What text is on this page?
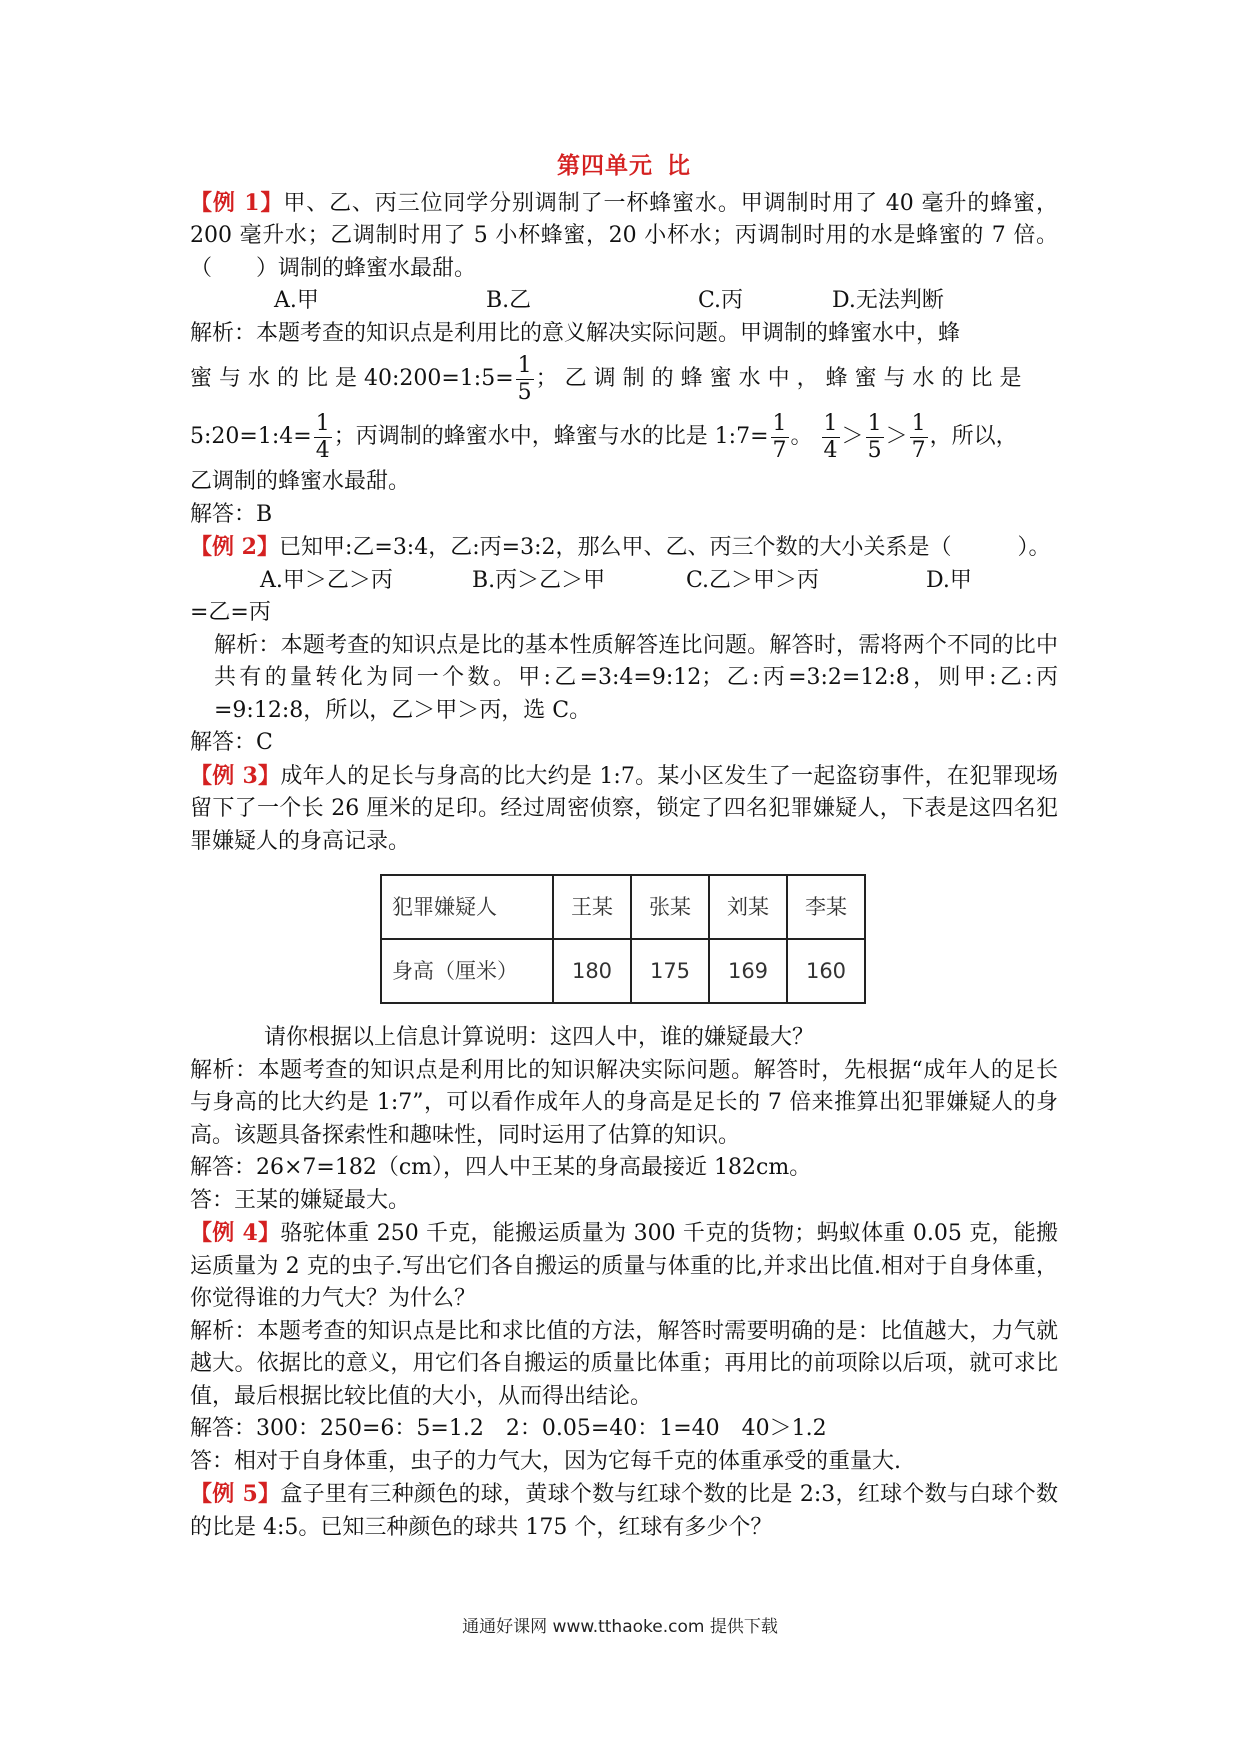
第四单元 比

【例 1】甲、乙、丙三位同学分别调制了一杯蜂蜜水。甲调制时用了 40 毫升的蜂蜜，200 毫升水；乙调制时用了 5 小杯蜂蜜，20 小杯水；丙调制时用的水是蜂蜜的 7 倍。（　　）调制的蜂蜜水最甜。

A.甲	B.乙	C.丙	D.无法判断

解析：本题考查的知识点是利用比的意义解决实际问题。甲调制的蜂蜜水中，蜂

蜜 与 水 的 比 是 40:200=1:5= $\frac{1}{5}$ ； 乙 调 制 的 蜂 蜜 水 中 ， 蜂 蜜 与 水 的 比 是

5:20=1:4= $\frac{1}{4}$ ；丙调制的蜂蜜水中，蜂蜜与水的比是 1:7= $\frac{1}{7}$ 。 $\frac{1}{4} > \frac{1}{5} > \frac{1}{7}$ ，所以，

乙调制的蜂蜜水最甜。

解答：B

【例 2】已知甲:乙=3:4，乙:丙=3:2，那么甲、乙、丙三个数的大小关系是（　　　）。

A.甲＞乙＞丙	B.丙＞乙＞甲	C.乙＞甲＞丙	D.甲

=乙=丙

解析：本题考查的知识点是比的基本性质解答连比问题。解答时，需将两个不同的比中共有的量转化为同一个数。甲:乙=3:4=9:12；乙:丙=3:2=12:8，则甲:乙:丙=9:12:8，所以，乙＞甲＞丙，选 C。

解答：C

【例 3】成年人的足长与身高的比大约是 1:7。某小区发生了一起盗窃事件，在犯罪现场留下了一个长 26 厘米的足印。经过周密侦察，锁定了四名犯罪嫌疑人，下表是这四名犯罪嫌疑人的身高记录。

犯罪嫌疑人	王某	张某	刘某	李某
身高（厘米）	180	175	169	160

请你根据以上信息计算说明：这四人中，谁的嫌疑最大？

解析：本题考查的知识点是利用比的知识解决实际问题。解答时，先根据“成年人的足长与身高的比大约是 1:7”，可以看作成年人的身高是足长的 7 倍来推算出犯罪嫌疑人的身高。该题具备探索性和趣味性，同时运用了估算的知识。

解答：26×7=182（cm），四人中王某的身高最接近 182cm。

答：王某的嫌疑最大。

【例 4】骆驼体重 250 千克，能搬运质量为 300 千克的货物；蚂蚁体重 0.05 克，能搬运质量为 2 克的虫子.写出它们各自搬运的质量与体重的比,并求出比值.相对于自身体重，你觉得谁的力气大？为什么？

解析：本题考查的知识点是比和求比值的方法，解答时需要明确的是：比值越大，力气就越大。依据比的意义，用它们各自搬运的质量比体重；再用比的前项除以后项，就可求比值，最后根据比较比值的大小，从而得出结论。

解答：300：250=6：5=1.2　2：0.05=40：1=40　40＞1.2

答：相对于自身体重，虫子的力气大，因为它每千克的体重承受的重量大.

【例 5】盒子里有三种颜色的球，黄球个数与红球个数的比是 2:3，红球个数与白球个数的比是 4:5。已知三种颜色的球共 175 个，红球有多少个？

通通好课网 www.tthaoke.com 提供下载
